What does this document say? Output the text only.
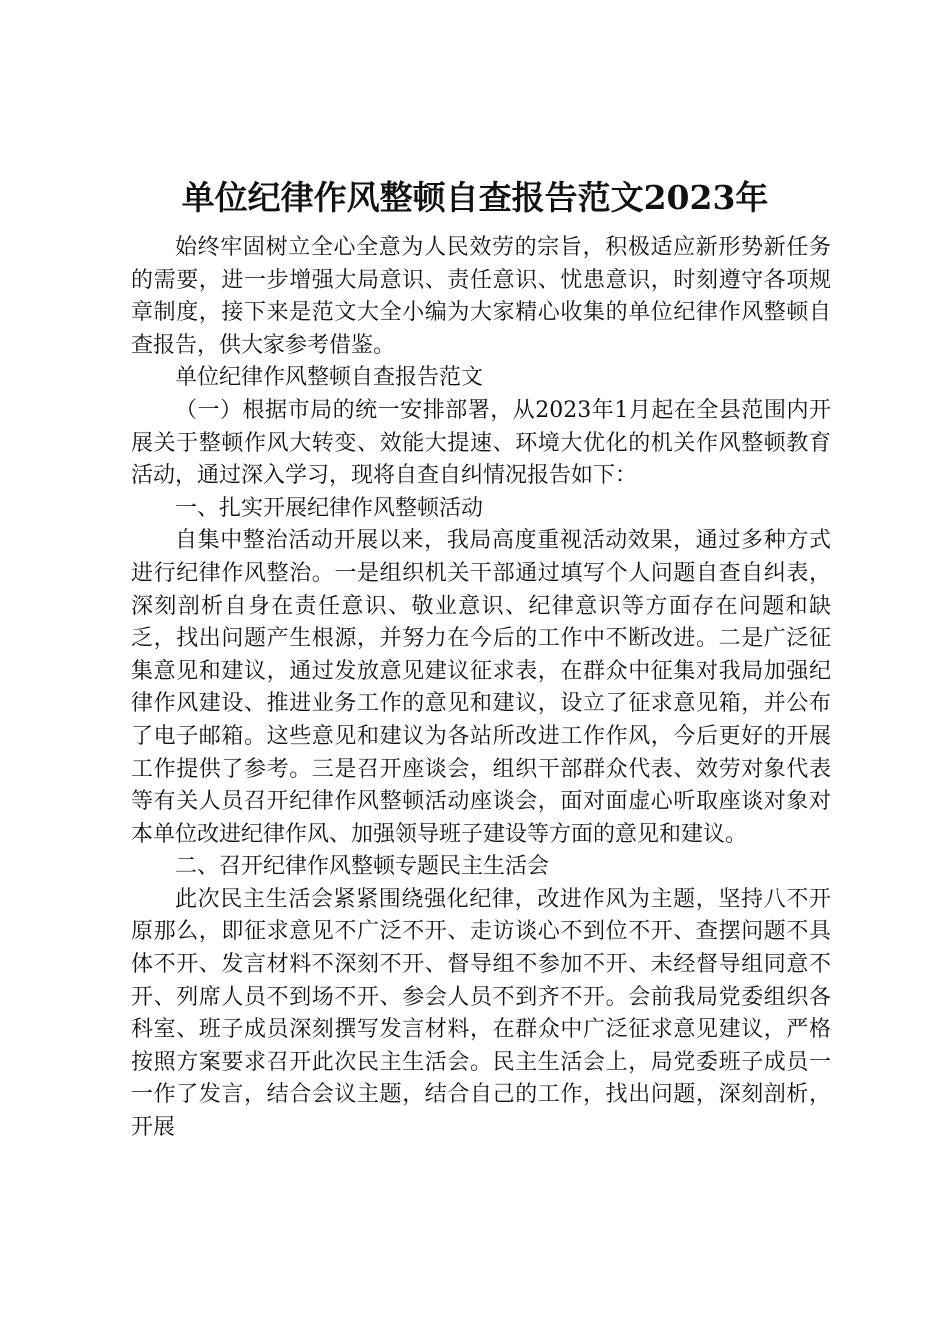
单位纪律作风整顿自查报告范文2023年

始终牢固树立全心全意为人民效劳的宗旨，积极适应新形势新任务的需要，进一步增强大局意识、责任意识、忧患意识，时刻遵守各项规章制度，接下来是范文大全小编为大家精心收集的单位纪律作风整顿自查报告，供大家参考借鉴。

单位纪律作风整顿自查报告范文

（一）根据市局的统一安排部署，从2023年1月起在全县范围内开展关于整顿作风大转变、效能大提速、环境大优化的机关作风整顿教育活动，通过深入学习，现将自查自纠情况报告如下：

一、扎实开展纪律作风整顿活动

自集中整治活动开展以来，我局高度重视活动效果，通过多种方式进行纪律作风整治。一是组织机关干部通过填写个人问题自查自纠表，深刻剖析自身在责任意识、敬业意识、纪律意识等方面存在问题和缺乏，找出问题产生根源，并努力在今后的工作中不断改进。二是广泛征集意见和建议，通过发放意见建议征求表，在群众中征集对我局加强纪律作风建设、推进业务工作的意见和建议，设立了征求意见箱，并公布了电子邮箱。这些意见和建议为各站所改进工作作风，今后更好的开展工作提供了参考。三是召开座谈会，组织干部群众代表、效劳对象代表等有关人员召开纪律作风整顿活动座谈会，面对面虚心听取座谈对象对本单位改进纪律作风、加强领导班子建设等方面的意见和建议。

二、召开纪律作风整顿专题民主生活会

此次民主生活会紧紧围绕强化纪律，改进作风为主题，坚持八不开原那么，即征求意见不广泛不开、走访谈心不到位不开、查摆问题不具体不开、发言材料不深刻不开、督导组不参加不开、未经督导组同意不开、列席人员不到场不开、参会人员不到齐不开。会前我局党委组织各科室、班子成员深刻撰写发言材料，在群众中广泛征求意见建议，严格按照方案要求召开此次民主生活会。民主生活会上，局党委班子成员一一作了发言，结合会议主题，结合自己的工作，找出问题，深刻剖析，开展
